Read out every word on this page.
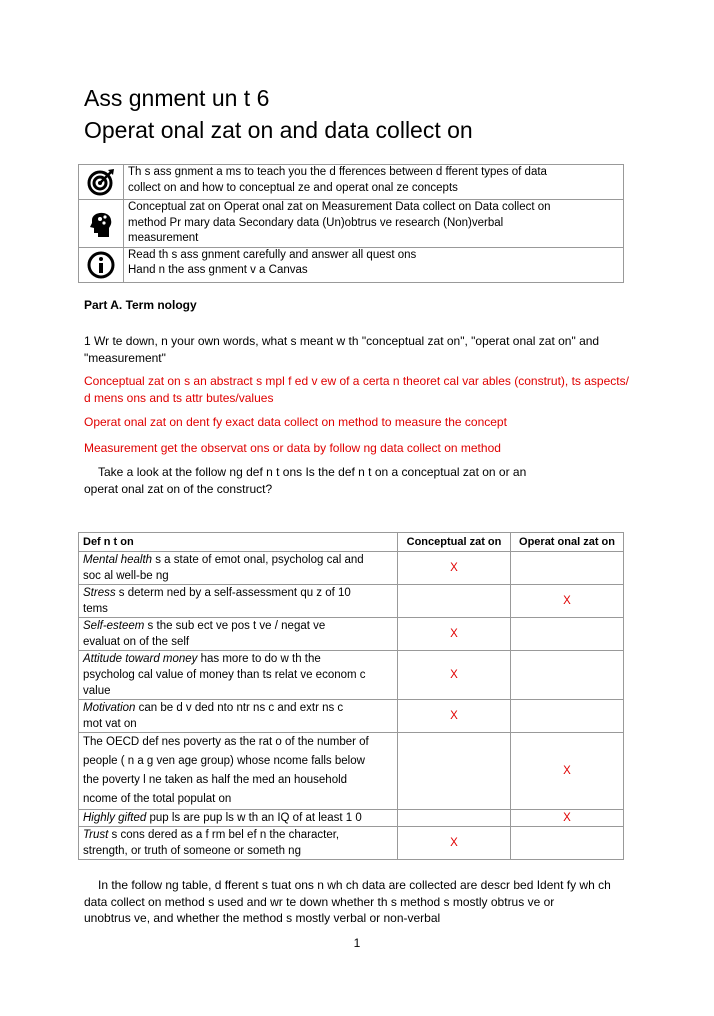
Ass gnment un t 6
Operat onal zat on and data collect on
	Th s ass gnment a ms to teach you the d fferences between d fferent types of data
collect on and how to conceptual ze and operat onal ze concepts

	Conceptual zat on Operat onal zat on Measurement Data collect on Data collect on
method Pr mary data Secondary data (Un)obtrus ve research (Non)verbal
measurement

	Read th s ass gnment carefully and answer all quest ons
Hand n the ass gnment v a Canvas
Part A. Term nology
1 Wr te down, n your own words, what s meant w th "conceptual zat on", "operat onal zat on" and "measurement"
Conceptual zat on s an abstract s mpl f ed v ew of a certa n theoret cal var ables (construt), ts aspects/ d mens ons and ts attr butes/values
Operat onal zat on dent fy exact data collect on method to measure the concept
Measurement get the observat ons or data by follow ng data collect on method
Take a look at the follow ng def n t ons Is the def n t on a conceptual zat on or an
operat onal zat on of the construct?
Def n t on	Conceptual zat on	Operat onal zat on
Mental health s a state of emot onal, psycholog cal and
soc al well-be ng	X	
Stress s determ ned by a self-assessment qu z of 10
tems		X
Self-esteem s the sub ect ve pos t ve / negat ve
evaluat on of the self	X	
Attitude toward money has more to do w th the
psycholog cal value of money than ts relat ve econom c
value	X	
Motivation can be d v ded nto ntr ns c and extr ns c
mot vat on	X	
The OECD def nes poverty as the rat o of the number of
people ( n a g ven age group) whose ncome falls below
the poverty l ne taken as half the med an household
ncome of the total populat on		X
Highly gifted pup ls are pup ls w th an IQ of at least 1 0		X
Trust s cons dered as a f rm bel ef n the character,
strength, or truth of someone or someth ng	X	
In the follow ng table, d fferent s tuat ons n wh ch data are collected are descr bed Ident fy wh ch
data collect on method s used and wr te down whether th s method s mostly obtrus ve or
unobtrus ve, and whether the method s mostly verbal or non-verbal
1
